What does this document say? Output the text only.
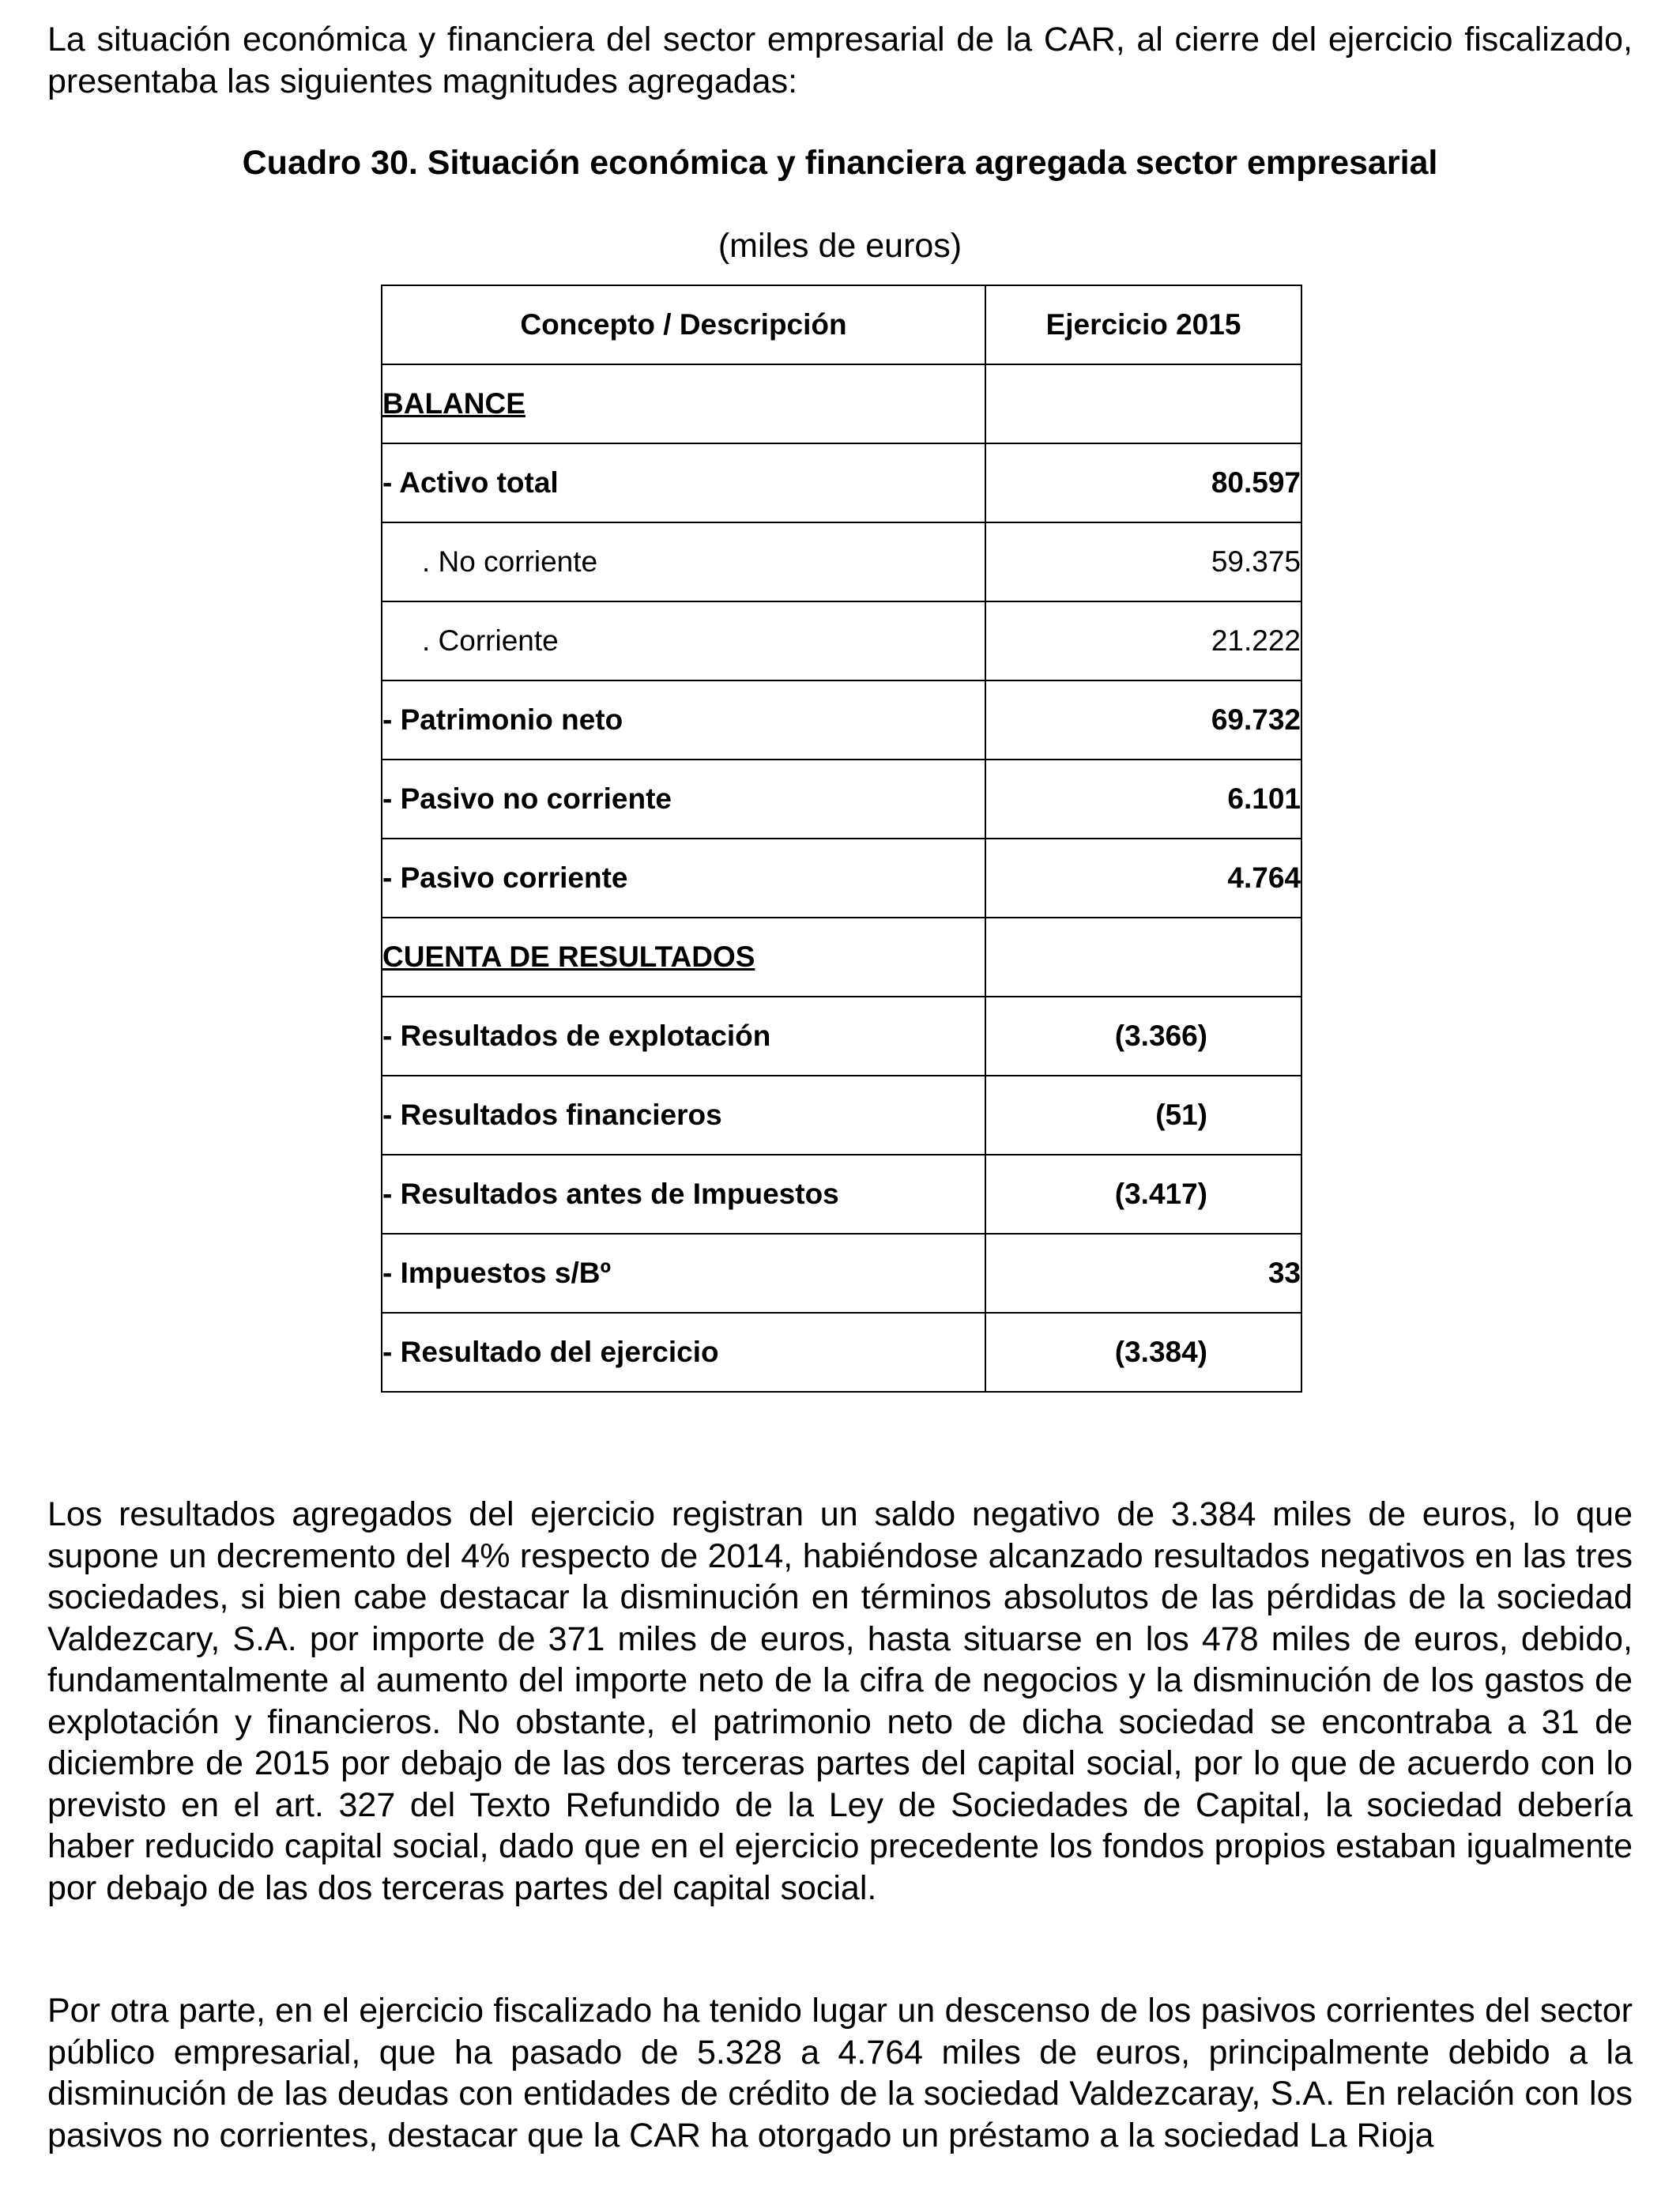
La situación económica y financiera del sector empresarial de la CAR, al cierre del ejercicio fiscalizado, presentaba las siguientes magnitudes agregadas:

Cuadro 30. Situación económica y financiera agregada sector empresarial

(miles de euros)

Concepto / Descripción	Ejercicio 2015
BALANCE	
- Activo total	80.597
. No corriente	59.375
. Corriente	21.222
- Patrimonio neto	69.732
- Pasivo no corriente	6.101
- Pasivo corriente	4.764
CUENTA DE RESULTADOS	
- Resultados de explotación	(3.366)
- Resultados financieros	(51)
- Resultados antes de Impuestos	(3.417)
- Impuestos s/Bº	33
- Resultado del ejercicio	(3.384)

Los resultados agregados del ejercicio registran un saldo negativo de 3.384 miles de euros, lo que supone un decremento del 4% respecto de 2014, habiéndose alcanzado resultados negativos en las tres sociedades, si bien cabe destacar la disminución en términos absolutos de las pérdidas de la sociedad Valdezcary, S.A. por importe de 371 miles de euros, hasta situarse en los 478 miles de euros, debido, fundamentalmente al aumento del importe neto de la cifra de negocios y la disminución de los gastos de explotación y financieros. No obstante, el patrimonio neto de dicha sociedad se encontraba a 31 de diciembre de 2015 por debajo de las dos terceras partes del capital social, por lo que de acuerdo con lo previsto en el art. 327 del Texto Refundido de la Ley de Sociedades de Capital, la sociedad debería haber reducido capital social, dado que en el ejercicio precedente los fondos propios estaban igualmente por debajo de las dos terceras partes del capital social.

Por otra parte, en el ejercicio fiscalizado ha tenido lugar un descenso de los pasivos corrientes del sector público empresarial, que ha pasado de 5.328 a 4.764 miles de euros, principalmente debido a la disminución de las deudas con entidades de crédito de la sociedad Valdezcaray, S.A. En relación con los pasivos no corrientes, destacar que la CAR ha otorgado un préstamo a la sociedad La Rioja
